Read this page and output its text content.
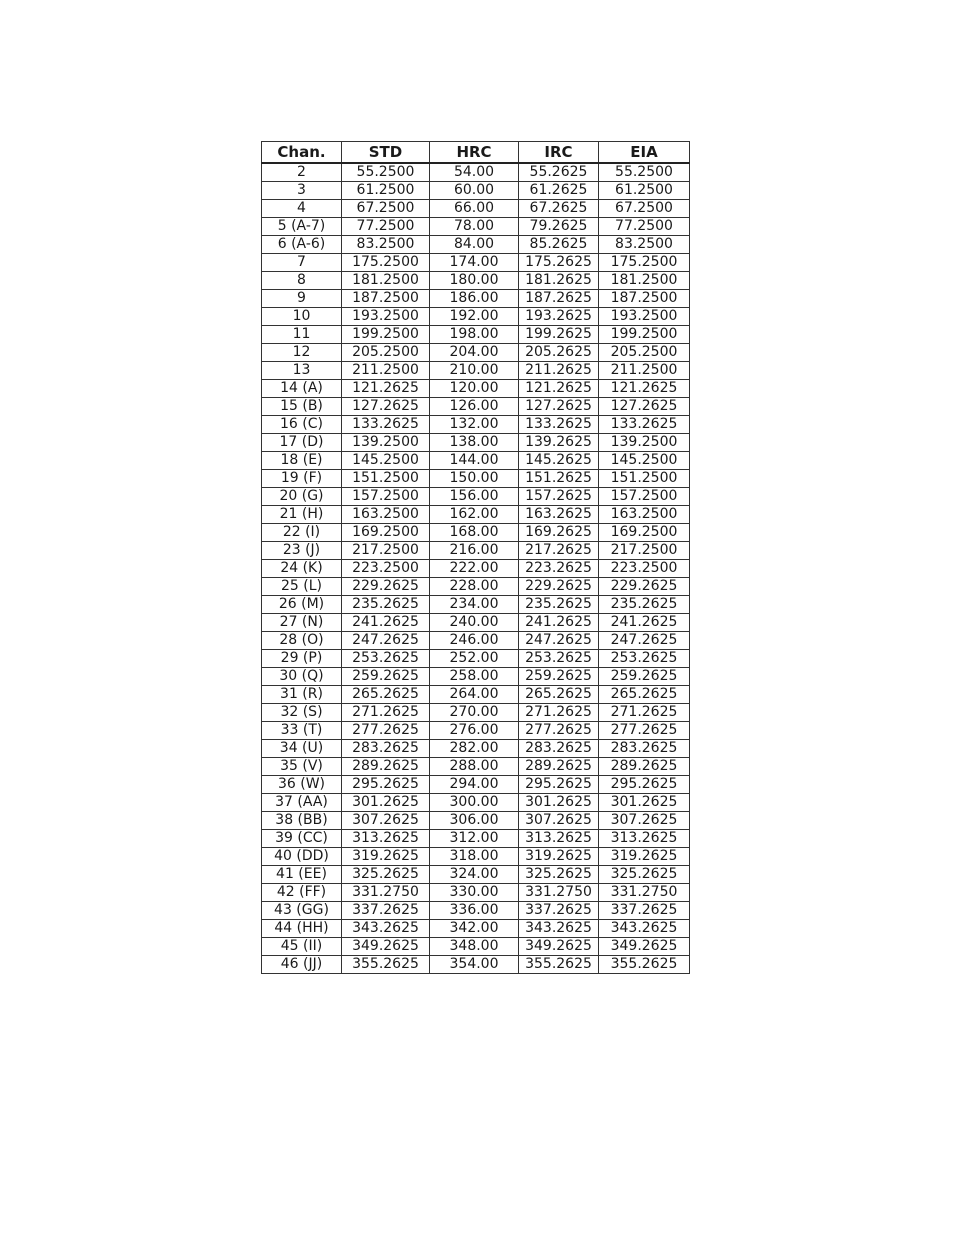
Chan.	STD	HRC	IRC	EIA
2	55.2500	54.00	55.2625	55.2500
3	61.2500	60.00	61.2625	61.2500
4	67.2500	66.00	67.2625	67.2500
5 (A-7)	77.2500	78.00	79.2625	77.2500
6 (A-6)	83.2500	84.00	85.2625	83.2500
7	175.2500	174.00	175.2625	175.2500
8	181.2500	180.00	181.2625	181.2500
9	187.2500	186.00	187.2625	187.2500
10	193.2500	192.00	193.2625	193.2500
11	199.2500	198.00	199.2625	199.2500
12	205.2500	204.00	205.2625	205.2500
13	211.2500	210.00	211.2625	211.2500
14 (A)	121.2625	120.00	121.2625	121.2625
15 (B)	127.2625	126.00	127.2625	127.2625
16 (C)	133.2625	132.00	133.2625	133.2625
17 (D)	139.2500	138.00	139.2625	139.2500
18 (E)	145.2500	144.00	145.2625	145.2500
19 (F)	151.2500	150.00	151.2625	151.2500
20 (G)	157.2500	156.00	157.2625	157.2500
21 (H)	163.2500	162.00	163.2625	163.2500
22 (I)	169.2500	168.00	169.2625	169.2500
23 (J)	217.2500	216.00	217.2625	217.2500
24 (K)	223.2500	222.00	223.2625	223.2500
25 (L)	229.2625	228.00	229.2625	229.2625
26 (M)	235.2625	234.00	235.2625	235.2625
27 (N)	241.2625	240.00	241.2625	241.2625
28 (O)	247.2625	246.00	247.2625	247.2625
29 (P)	253.2625	252.00	253.2625	253.2625
30 (Q)	259.2625	258.00	259.2625	259.2625
31 (R)	265.2625	264.00	265.2625	265.2625
32 (S)	271.2625	270.00	271.2625	271.2625
33 (T)	277.2625	276.00	277.2625	277.2625
34 (U)	283.2625	282.00	283.2625	283.2625
35 (V)	289.2625	288.00	289.2625	289.2625
36 (W)	295.2625	294.00	295.2625	295.2625
37 (AA)	301.2625	300.00	301.2625	301.2625
38 (BB)	307.2625	306.00	307.2625	307.2625
39 (CC)	313.2625	312.00	313.2625	313.2625
40 (DD)	319.2625	318.00	319.2625	319.2625
41 (EE)	325.2625	324.00	325.2625	325.2625
42 (FF)	331.2750	330.00	331.2750	331.2750
43 (GG)	337.2625	336.00	337.2625	337.2625
44 (HH)	343.2625	342.00	343.2625	343.2625
45 (II)	349.2625	348.00	349.2625	349.2625
46 (JJ)	355.2625	354.00	355.2625	355.2625
